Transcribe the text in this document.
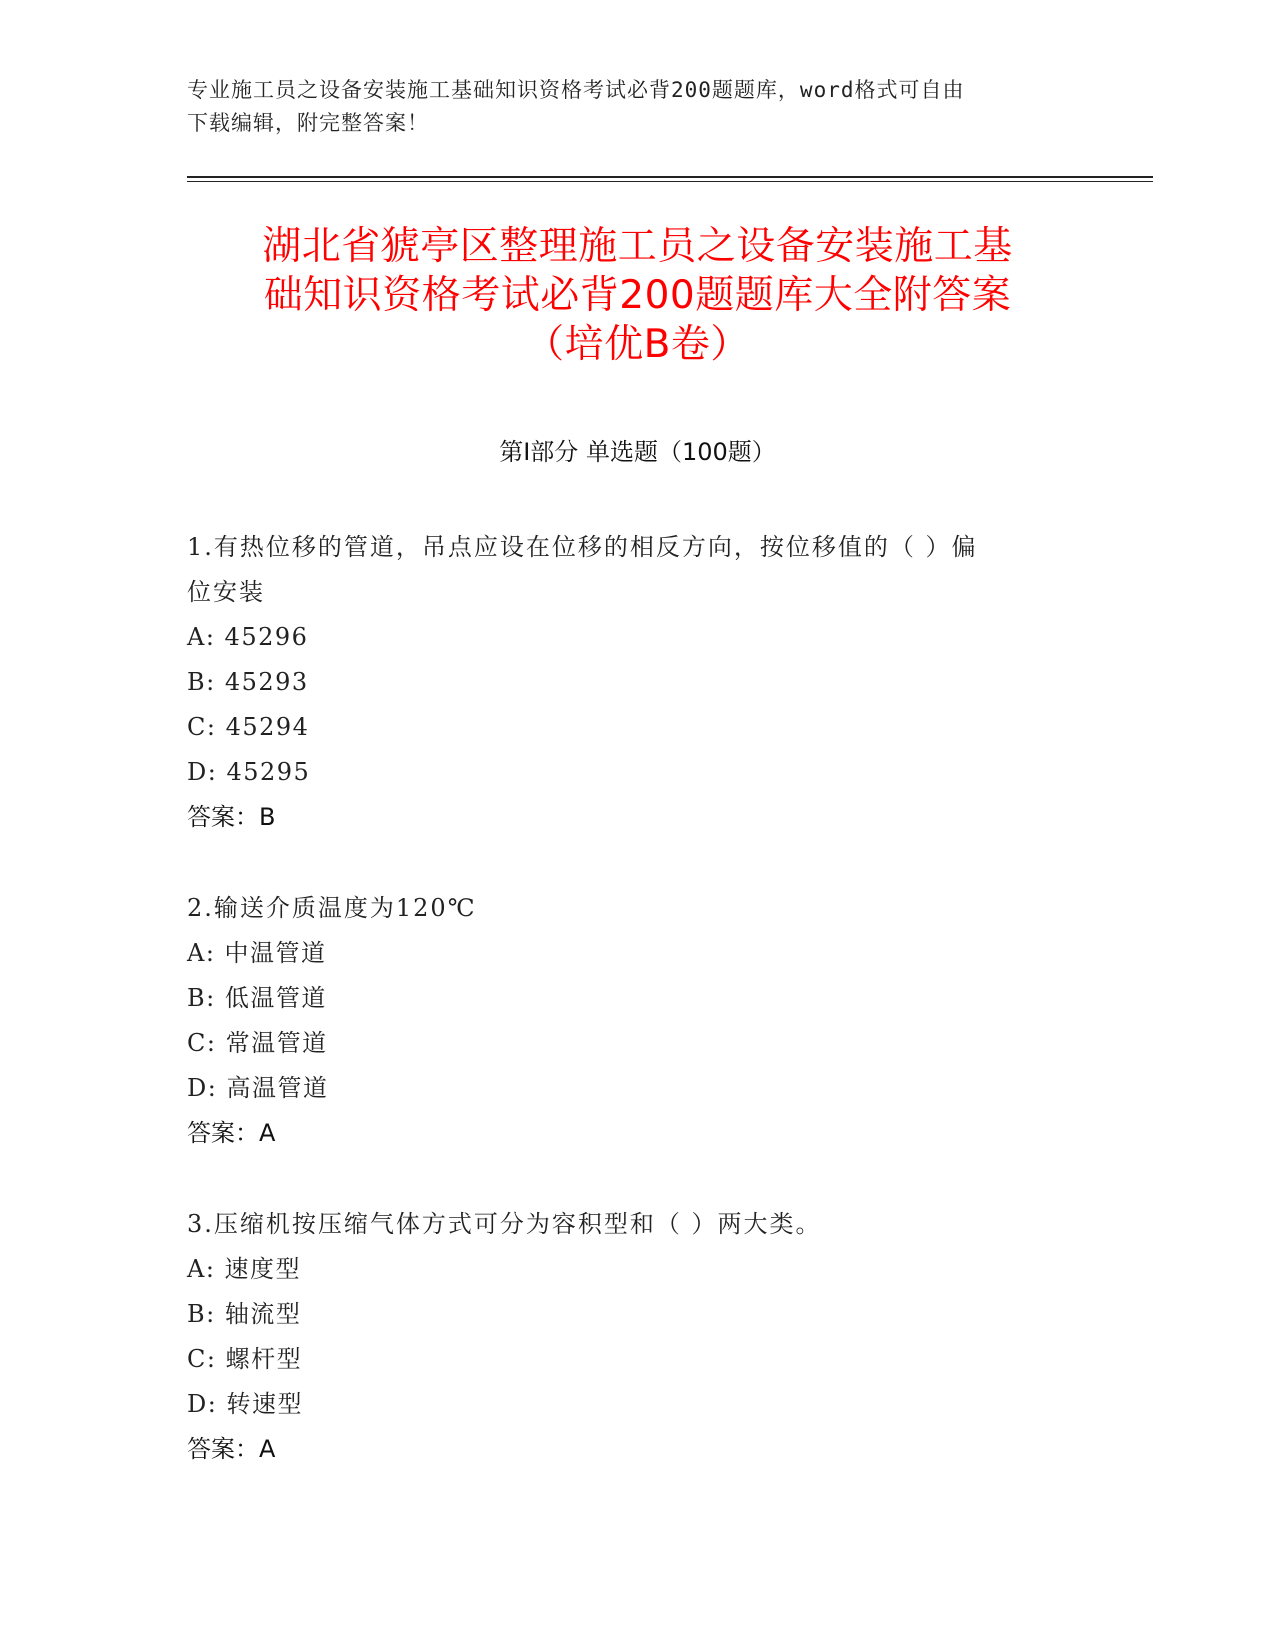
专业施工员之设备安装施工基础知识资格考试必背200题题库，word格式可自由
下载编辑，附完整答案！
湖北省猇亭区整理施工员之设备安装施工基
础知识资格考试必背200题题库大全附答案
（培优B卷）
第I部分 单选题（100题）
1.有热位移的管道，吊点应设在位移的相反方向，按位移值的（ ）偏
位安装
A: 45296
B: 45293
C: 45294
D: 45295
答案：B
2.输送介质温度为120℃
A: 中温管道
B: 低温管道
C: 常温管道
D: 高温管道
答案：A
3.压缩机按压缩气体方式可分为容积型和（ ）两大类。
A: 速度型
B: 轴流型
C: 螺杆型
D: 转速型
答案：A
